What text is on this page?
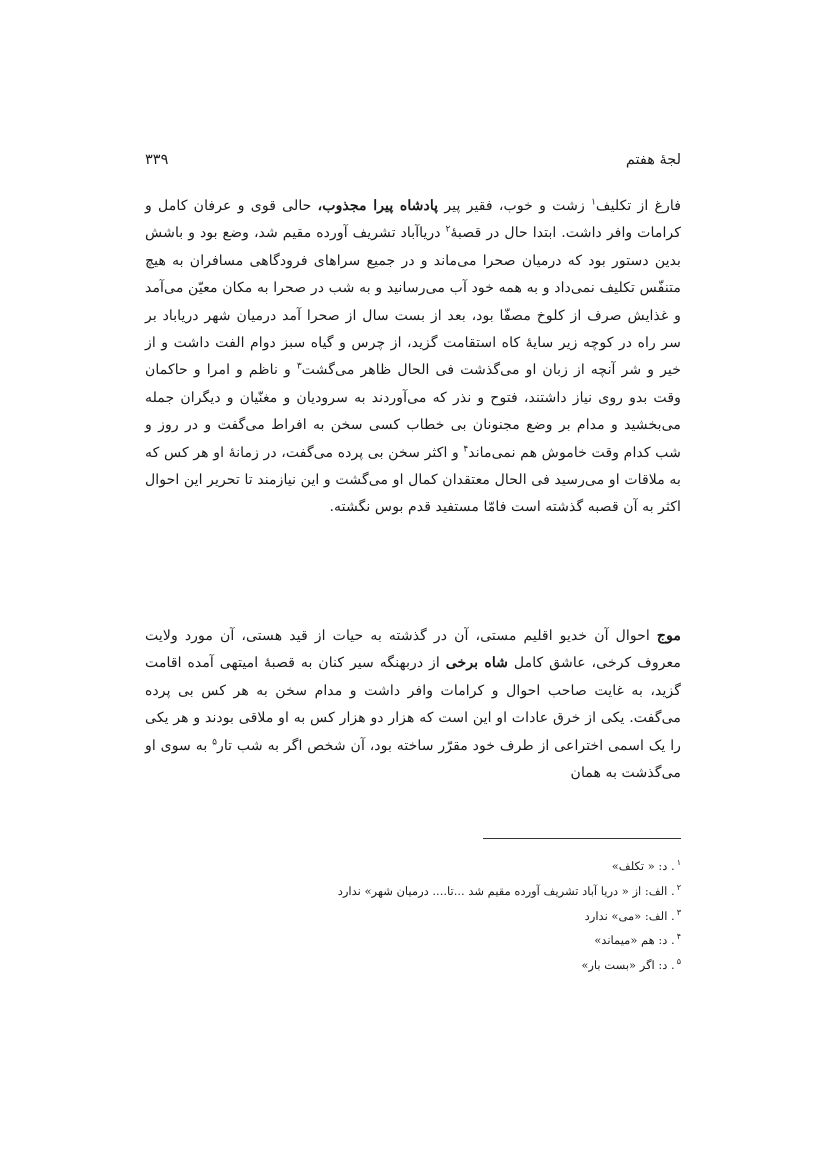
لجهٔ هفتم
۳۳۹

فارغ از تکلیف$^۱$ زشت و خوب، فقیر پیر پادشاه پیرا مجذوب، حالی قوی و عرفان کامل و کرامات وافر داشت. ابتدا حال در قصبهٔ$^۲$ دریاآباد تشریف آورده مقیم شد، وضع بود و باشش بدین دستور بود که درمیان صحرا می‌ماند و در جمیع سراهای فرودگاهی مسافران به هیچ متنفّس تکلیف نمی‌داد و به همه خود آب می‌رسانید و به شب در صحرا به مکان معیّن می‌آمد و غذایش صرف از کلوخ مصفّا بود، بعد از بست سال از صحرا آمد درمیان شهر دریاباد بر سر راه در کوچه زیر سایهٔ کاه استقامت گزید، از چرس و گیاه سبز دوام الفت داشت و از خیر و شر آنچه از زبان او می‌گذشت فی الحال ظاهر می‌گشت$^۳$ و ناظم و امرا و حاکمان وقت بدو روی نیاز داشتند، فتوح و نذر که می‌آوردند به سرودیان و مغنّیان و دیگران جمله می‌بخشید و مدام بر وضع مجنونان بی خطاب کسی سخن به افراط می‌گفت و در روز و شب کدام وقت خاموش هم نمی‌ماند$^۴$ و اکثر سخن بی پرده می‌گفت، در زمانهٔ او هر کس که به ملاقات او می‌رسید فی الحال معتقدان کمال او می‌گشت و این نیازمند تا تحریر این احوال اکثر به آن قصبه گذشته است فامّا مستفید قدم بوس نگشته.

موج احوال آن خدیو اقلیم مستی، آن در گذشته به حیات از قید هستی، آن مورد ولایت معروف کرخی، عاشق کامل شاه برخی از دربهنگه سیر کنان به قصبهٔ امیتهی آمده اقامت گزید، به غایت صاحب احوال و کرامات وافر داشت و مدام سخن به هر کس بی پرده می‌گفت. یکی از خرق عادات او این است که هزار دو هزار کس به او ملاقی بودند و هر یکی را یک اسمی اختراعی از طرف خود مقرّر ساخته بود، آن شخص اگر به شب تار$^۵$ به سوی او می‌گذشت به همان

$^۱$. د: « تکلف»
$^۲$. الف: از « دریا آباد تشریف آورده مقیم شد ...تا.... درمیان شهر» ندارد
$^۳$. الف: «می» ندارد
$^۴$. د: هم «میماند»
$^۵$. د: اگر «بست بار»
